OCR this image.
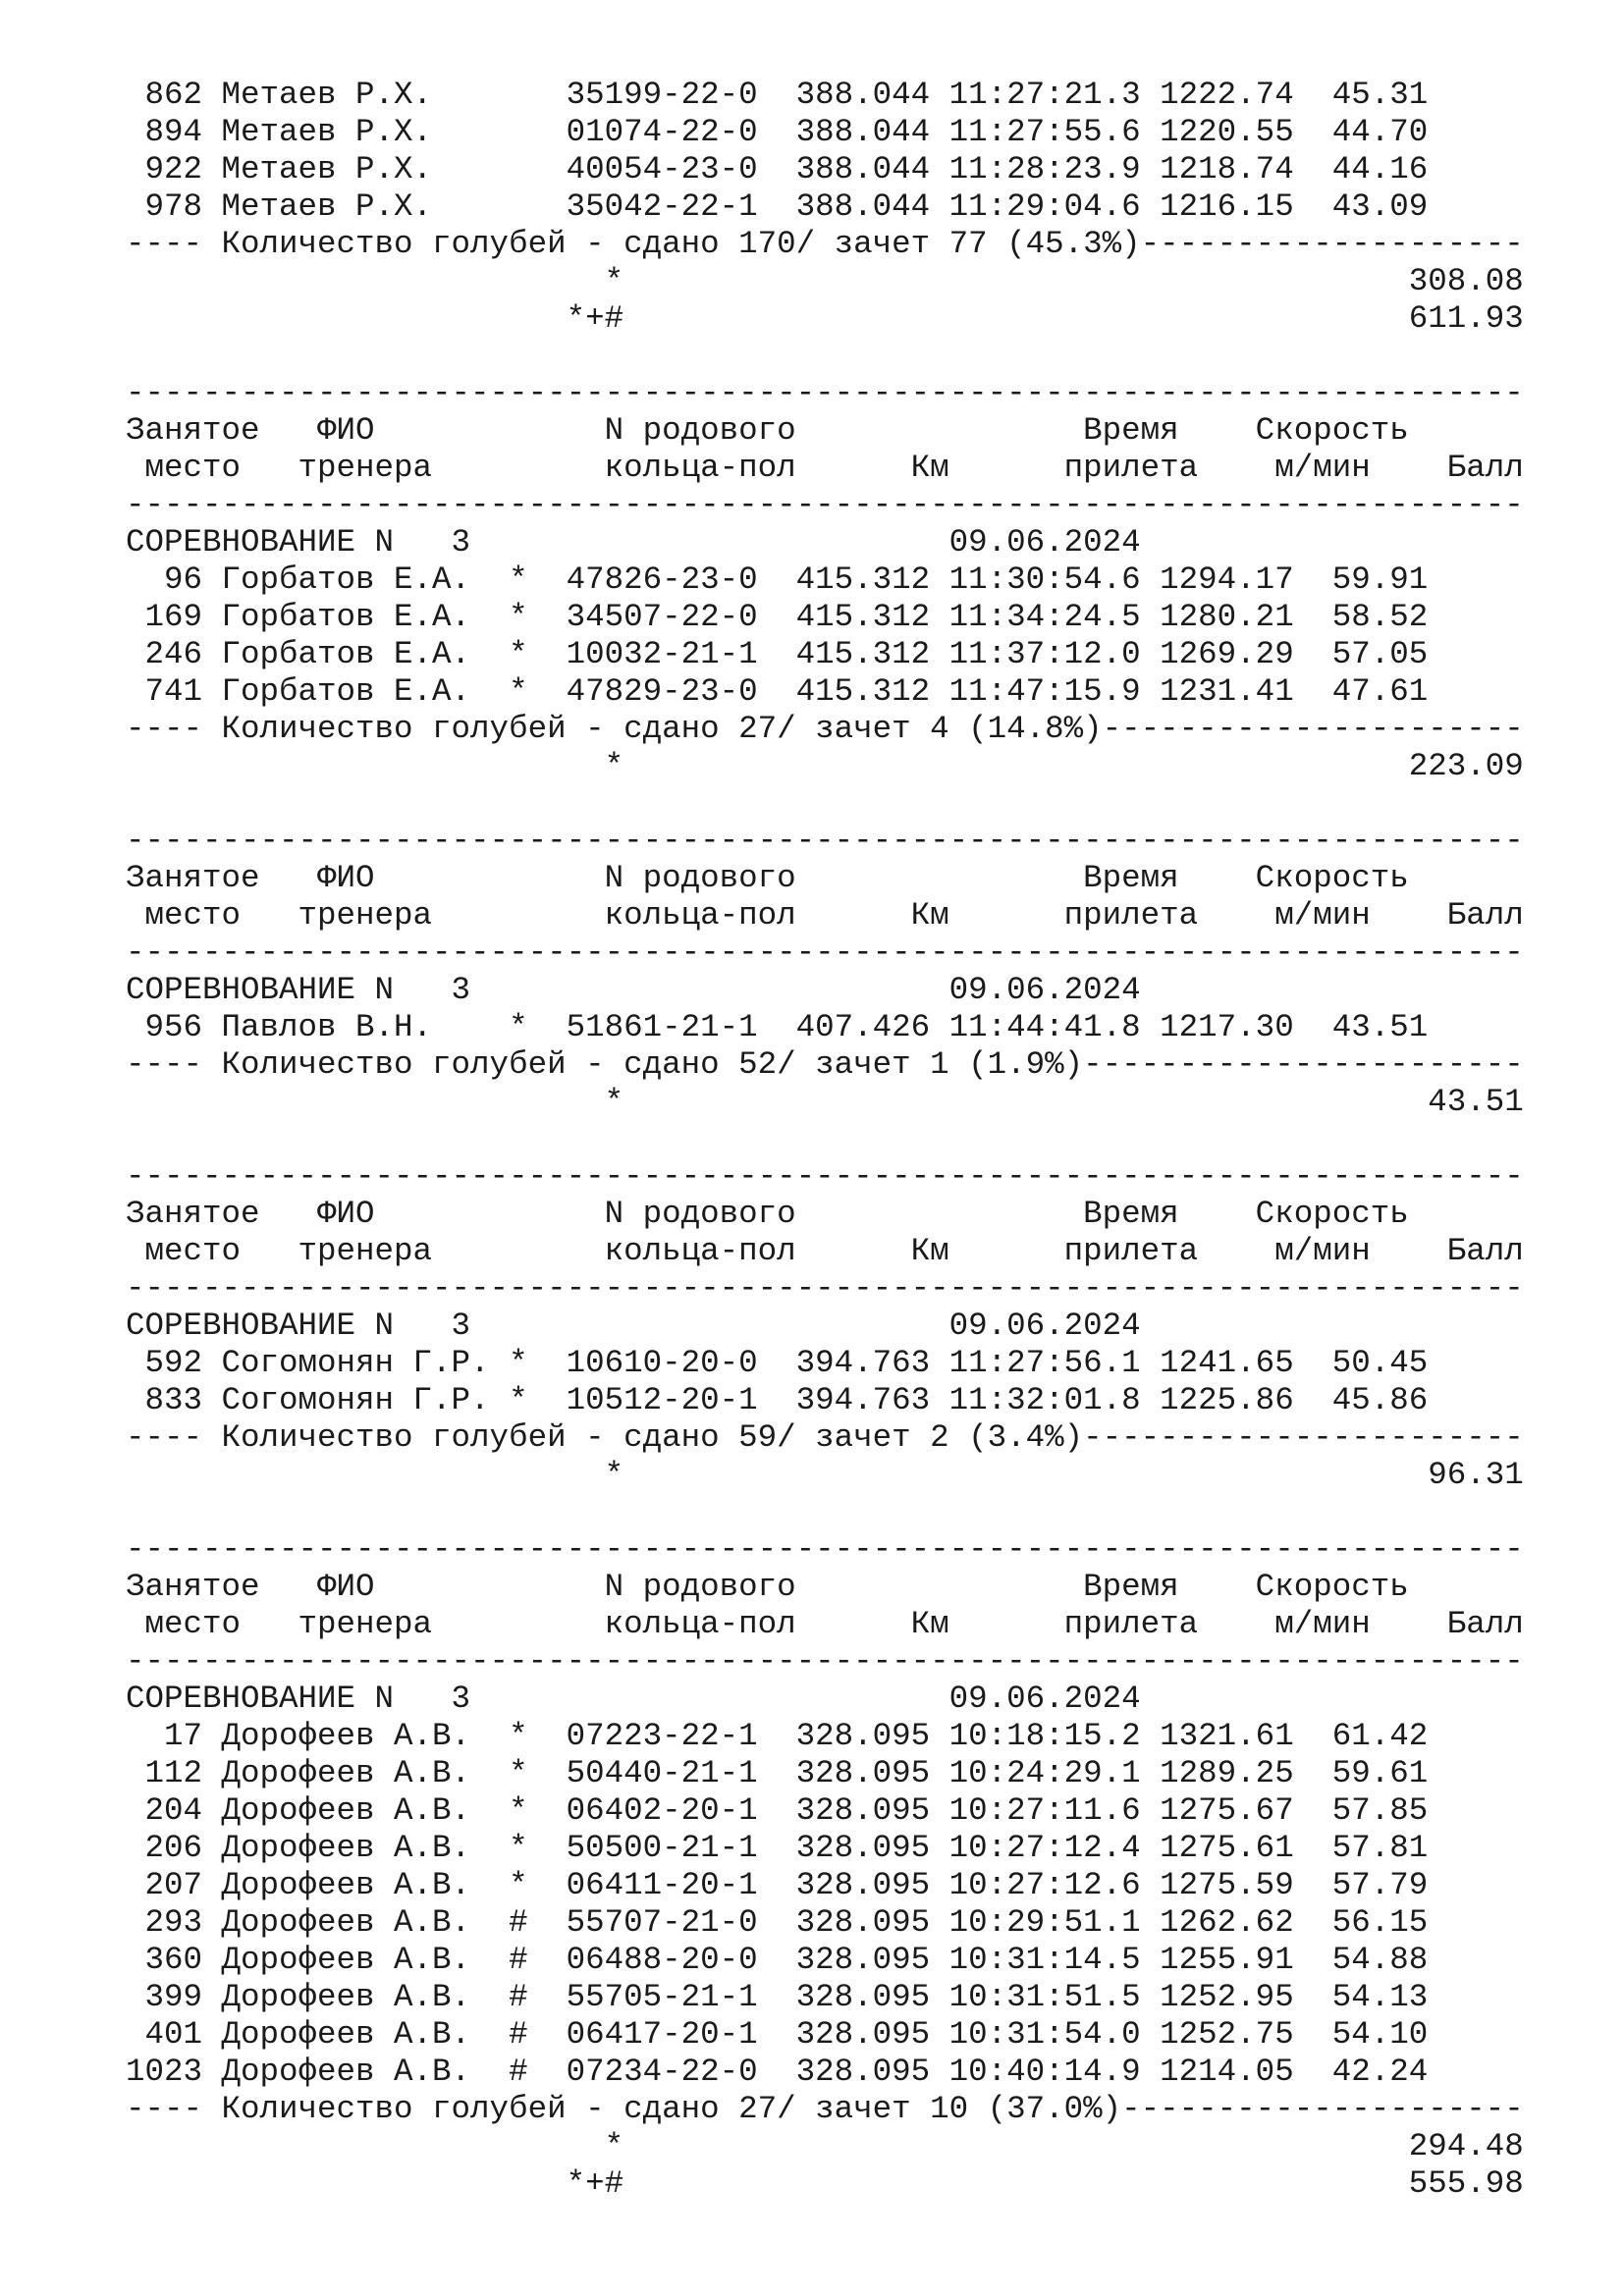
862 Метаев Р.Х.       35199-22-0  388.044 11:27:21.3 1222.74  45.31
894 Метаев Р.Х.       01074-22-0  388.044 11:27:55.6 1220.55  44.70
922 Метаев Р.Х.       40054-23-0  388.044 11:28:23.9 1218.74  44.16
978 Метаев Р.Х.       35042-22-1  388.044 11:29:04.6 1216.15  43.09
---- Количество голубей - сдано 170/ зачет 77 (45.3%)--------------------
*                                         308.08
*+#                                         611.93
-------------------------------------------------------------------------
Занятое   ФИО            N родового               Время    Скорость
место   тренера         кольца-пол      Км      прилета    м/мин    Балл
-------------------------------------------------------------------------
СОРЕВНОВАНИЕ N   3                         09.06.2024
96 Горбатов Е.А.  *  47826-23-0  415.312 11:30:54.6 1294.17  59.91
169 Горбатов Е.А.  *  34507-22-0  415.312 11:34:24.5 1280.21  58.52
246 Горбатов Е.А.  *  10032-21-1  415.312 11:37:12.0 1269.29  57.05
741 Горбатов Е.А.  *  47829-23-0  415.312 11:47:15.9 1231.41  47.61
---- Количество голубей - сдано 27/ зачет 4 (14.8%)----------------------
*                                         223.09
-------------------------------------------------------------------------
Занятое   ФИО            N родового               Время    Скорость
место   тренера         кольца-пол      Км      прилета    м/мин    Балл
-------------------------------------------------------------------------
СОРЕВНОВАНИЕ N   3                         09.06.2024
956 Павлов В.Н.    *  51861-21-1  407.426 11:44:41.8 1217.30  43.51
---- Количество голубей - сдано 52/ зачет 1 (1.9%)-----------------------
*                                          43.51
-------------------------------------------------------------------------
Занятое   ФИО            N родового               Время    Скорость
место   тренера         кольца-пол      Км      прилета    м/мин    Балл
-------------------------------------------------------------------------
СОРЕВНОВАНИЕ N   3                         09.06.2024
592 Согомонян Г.Р. *  10610-20-0  394.763 11:27:56.1 1241.65  50.45
833 Согомонян Г.Р. *  10512-20-1  394.763 11:32:01.8 1225.86  45.86
---- Количество голубей - сдано 59/ зачет 2 (3.4%)-----------------------
*                                          96.31
-------------------------------------------------------------------------
Занятое   ФИО            N родового               Время    Скорость
место   тренера         кольца-пол      Км      прилета    м/мин    Балл
-------------------------------------------------------------------------
СОРЕВНОВАНИЕ N   3                         09.06.2024
17 Дорофеев А.В.  *  07223-22-1  328.095 10:18:15.2 1321.61  61.42
112 Дорофеев А.В.  *  50440-21-1  328.095 10:24:29.1 1289.25  59.61
204 Дорофеев А.В.  *  06402-20-1  328.095 10:27:11.6 1275.67  57.85
206 Дорофеев А.В.  *  50500-21-1  328.095 10:27:12.4 1275.61  57.81
207 Дорофеев А.В.  *  06411-20-1  328.095 10:27:12.6 1275.59  57.79
293 Дорофеев А.В.  #  55707-21-0  328.095 10:29:51.1 1262.62  56.15
360 Дорофеев А.В.  #  06488-20-0  328.095 10:31:14.5 1255.91  54.88
399 Дорофеев А.В.  #  55705-21-1  328.095 10:31:51.5 1252.95  54.13
401 Дорофеев А.В.  #  06417-20-1  328.095 10:31:54.0 1252.75  54.10
1023 Дорофеев А.В.  #  07234-22-0  328.095 10:40:14.9 1214.05  42.24
---- Количество голубей - сдано 27/ зачет 10 (37.0%)---------------------
*                                         294.48
*+#                                         555.98
